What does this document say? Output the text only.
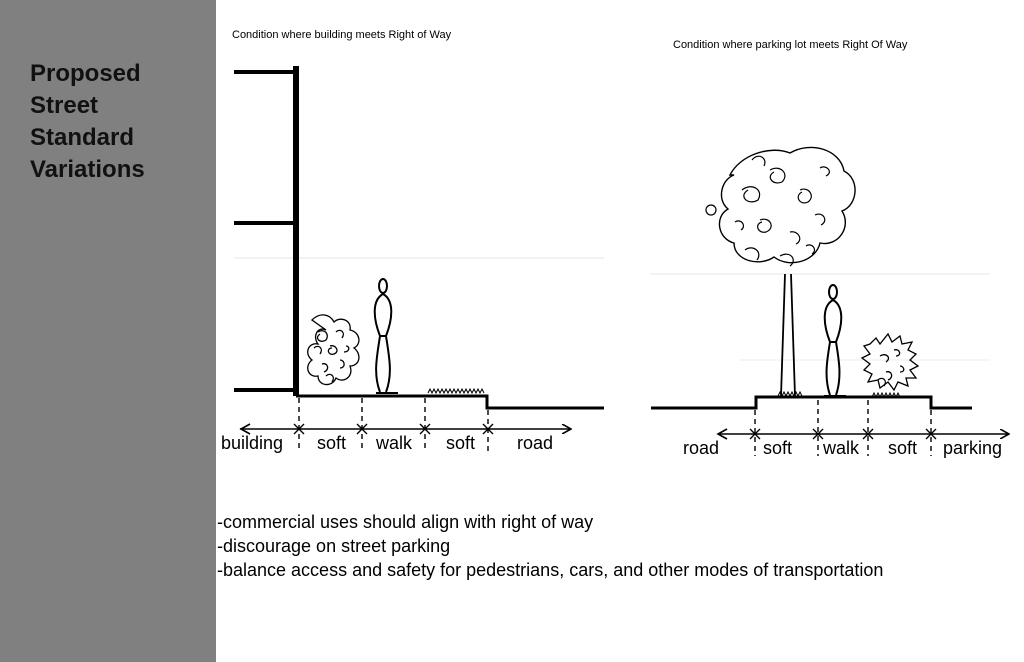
Proposed
Street
Standard
Variations
Condition where building meets Right of Way
Condition where parking lot meets Right Of Way
building soft walk soft road	road soft walk soft parking
-commercial uses should align with right of way
-discourage on street parking
-balance access and safety for pedestrians, cars, and other modes of transportation
